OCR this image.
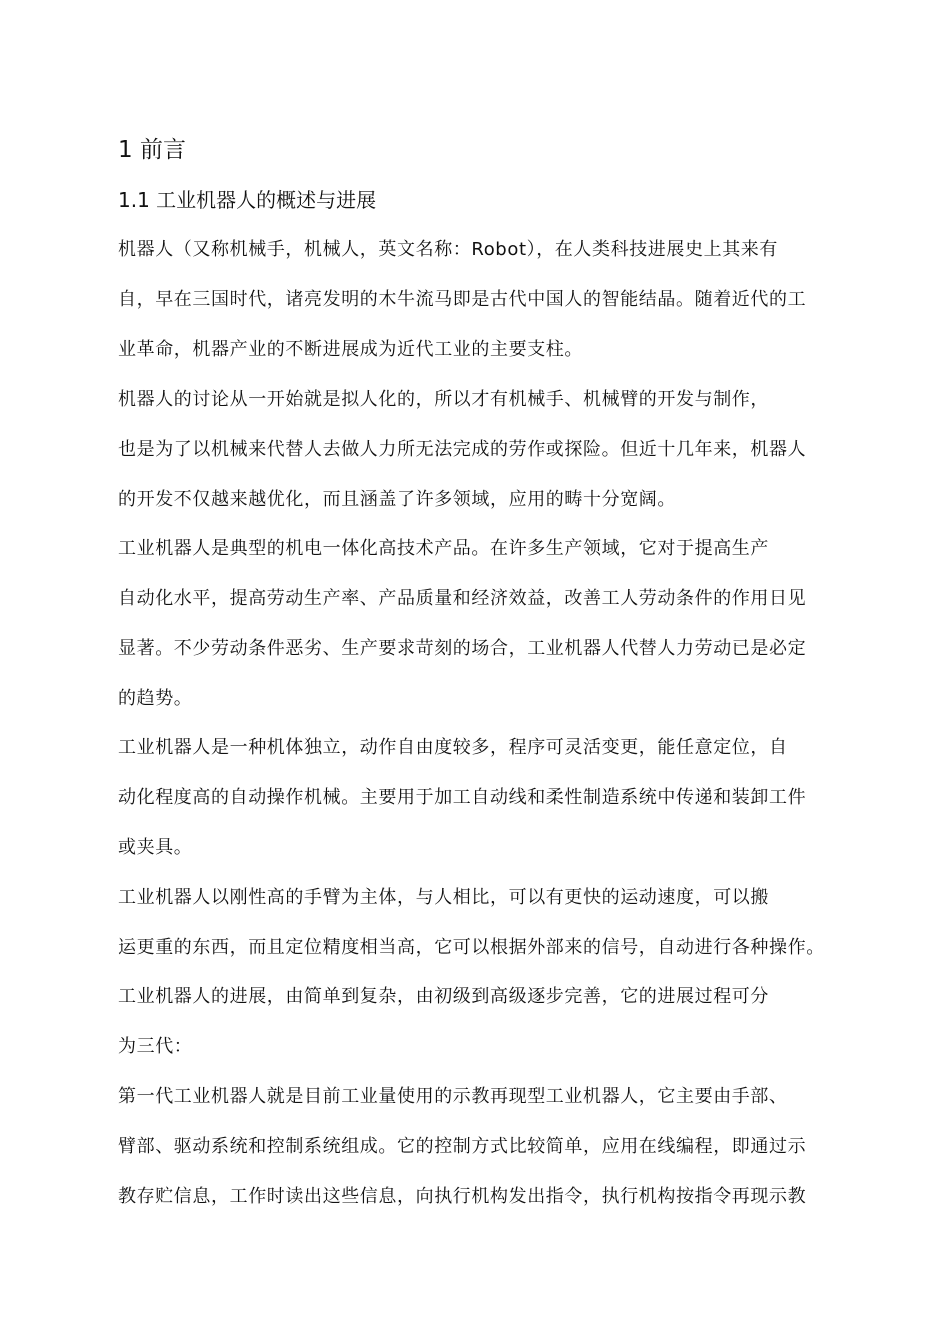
1 前言
1.1 工业机器人的概述与进展
机器人（又称机械手，机械人，英文名称：Robot），在人类科技进展史上其来有
自，早在三国时代，诸亮发明的木牛流马即是古代中国人的智能结晶。随着近代的工
业革命，机器产业的不断进展成为近代工业的主要支柱。
机器人的讨论从一开始就是拟人化的，所以才有机械手、机械臂的开发与制作，
也是为了以机械来代替人去做人力所无法完成的劳作或探险。但近十几年来，机器人
的开发不仅越来越优化，而且涵盖了许多领域，应用的畴十分宽阔。
工业机器人是典型的机电一体化高技术产品。在许多生产领域，它对于提高生产
自动化水平，提高劳动生产率、产品质量和经济效益，改善工人劳动条件的作用日见
显著。不少劳动条件恶劣、生产要求苛刻的场合，工业机器人代替人力劳动已是必定
的趋势。
工业机器人是一种机体独立，动作自由度较多，程序可灵活变更，能任意定位，自
动化程度高的自动操作机械。主要用于加工自动线和柔性制造系统中传递和装卸工件
或夹具。
工业机器人以刚性高的手臂为主体，与人相比，可以有更快的运动速度，可以搬
运更重的东西，而且定位精度相当高，它可以根据外部来的信号，自动进行各种操作。
工业机器人的进展，由简单到复杂，由初级到高级逐步完善，它的进展过程可分
为三代：
第一代工业机器人就是目前工业量使用的示教再现型工业机器人，它主要由手部、
臂部、驱动系统和控制系统组成。它的控制方式比较简单，应用在线编程，即通过示
教存贮信息，工作时读出这些信息，向执行机构发出指令，执行机构按指令再现示教
